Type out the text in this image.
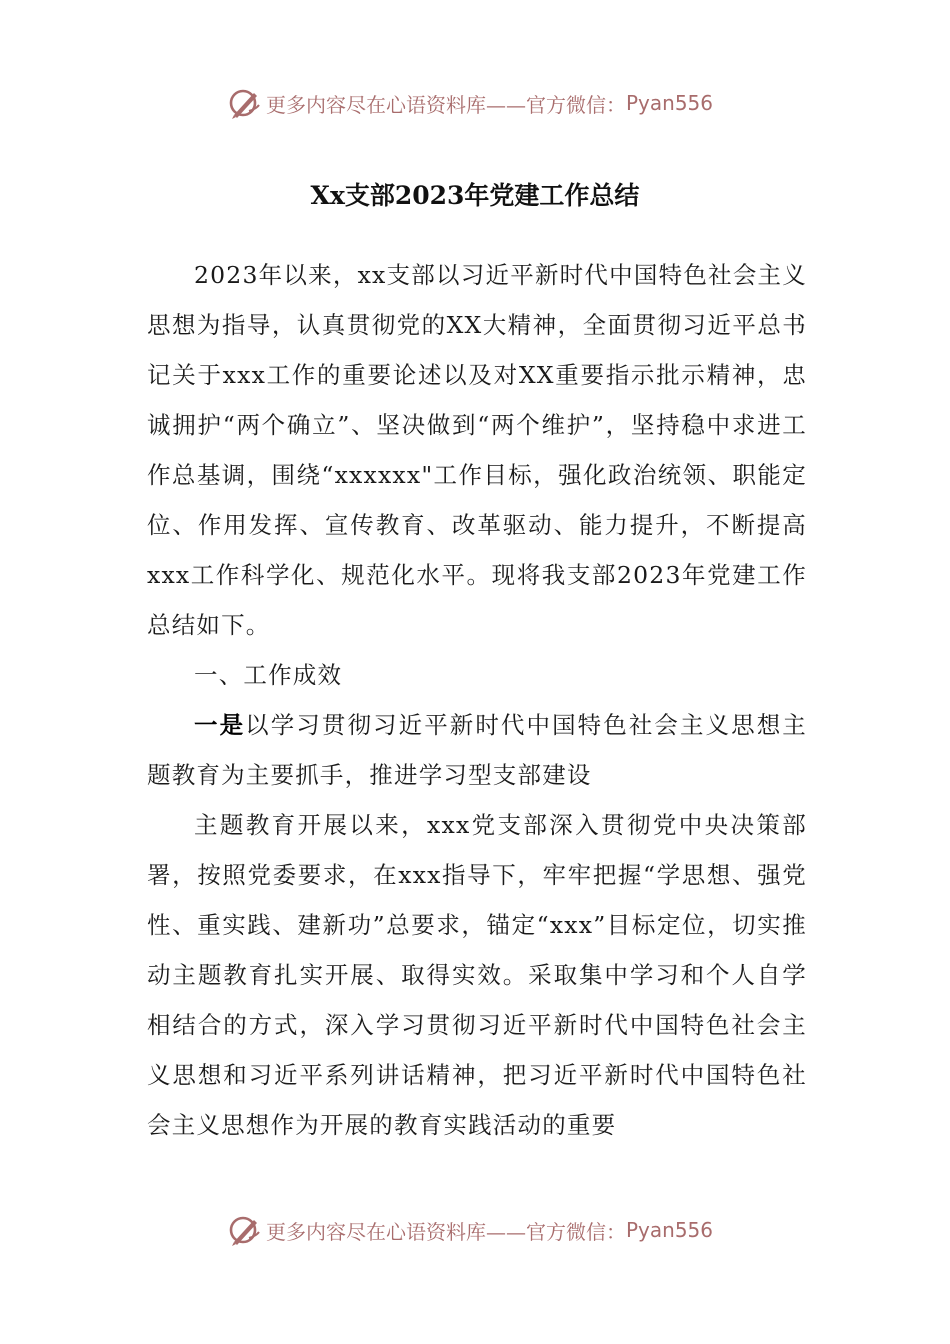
更多内容尽在心语资料库——官方微信： Pyan556
Xx支部2023年党建工作总结

2023年以来，xx支部以习近平新时代中国特色社会主义思想为指导，认真贯彻党的XX大精神，全面贯彻习近平总书记关于xxx工作的重要论述以及对XX重要指示批示精神，忠诚拥护“两个确立”、坚决做到“两个维护”，坚持稳中求进工作总基调，围绕“xxxxxx"工作目标，强化政治统领、职能定位、作用发挥、宣传教育、改革驱动、能力提升，不断提高xxx工作科学化、规范化水平。现将我支部2023年党建工作总结如下。

一、工作成效

一是以学习贯彻习近平新时代中国特色社会主义思想主题教育为主要抓手，推进学习型支部建设

主题教育开展以来，xxx党支部深入贯彻党中央决策部署，按照党委要求，在xxx指导下，牢牢把握“学思想、强党性、重实践、建新功”总要求，锚定“xxx”目标定位，切实推动主题教育扎实开展、取得实效。采取集中学习和个人自学相结合的方式，深入学习贯彻习近平新时代中国特色社会主义思想和习近平系列讲话精神，把习近平新时代中国特色社会主义思想作为开展的教育实践活动的重要

更多内容尽在心语资料库——官方微信： Pyan556
